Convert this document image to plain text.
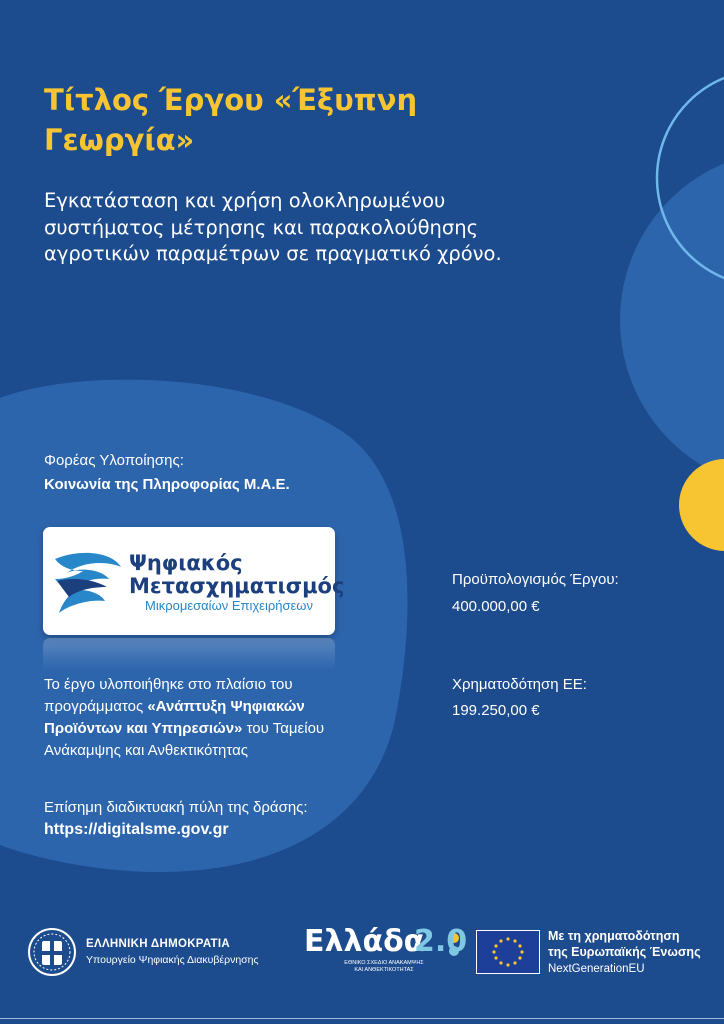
Τίτλος Έργου «Έξυπνη Γεωργία»

Εγκατάσταση και χρήση ολοκληρωμένου συστήματος μέτρησης και παρακολούθησης αγροτικών παραμέτρων σε πραγματικό χρόνο.

Φορέας Υλοποίησης:
Κοινωνία της Πληροφορίας Μ.Α.Ε.
Ψηφιακός
Μετασχηματισμός
Μικρομεσαίων Επιχειρήσεων
Προϋπολογισμός Έργου:
400.000,00 €
Χρηματοδότηση ΕΕ:
199.250,00 €
Το έργο υλοποιήθηκε στο πλαίσιο του προγράμματος «Ανάπτυξη Ψηφιακών Προϊόντων και Υπηρεσιών» του Ταμείου Ανάκαμψης και Ανθεκτικότητας
Επίσημη διαδικτυακή πύλη της δράσης:
https://digitalsme.gov.gr
ΕΛΛΗΝΙΚΗ ΔΗΜΟΚΡΑΤΙΑ
Υπουργείο Ψηφιακής Διακυβέρνησης
Ελλάδα
2.0
ΕΘΝΙΚΟ ΣΧΕΔΙΟ ΑΝΑΚΑΜΨΗΣ
ΚΑΙ ΑΝΘΕΚΤΙΚΟΤΗΤΑΣ
Με τη χρηματοδότηση
της Ευρωπαϊκής Ένωσης
NextGenerationEU
